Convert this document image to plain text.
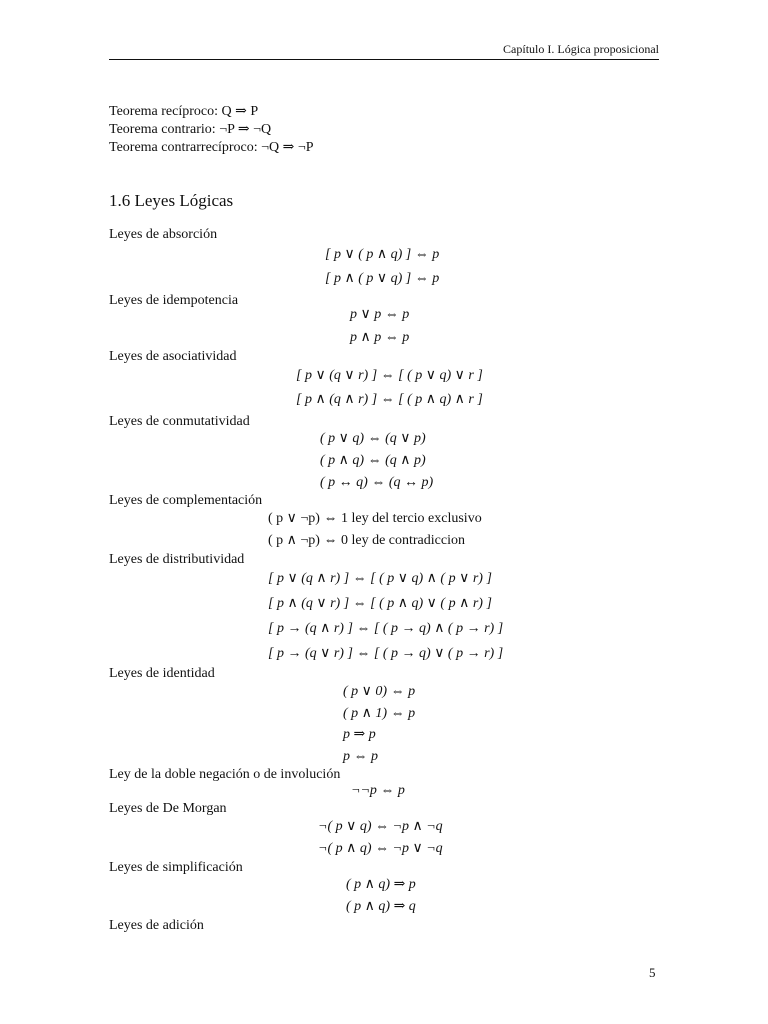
Capítulo I. Lógica proposicional
Teorema recíproco: Q ⇒ P
Teorema contrario: ¬P ⇒ ¬Q
Teorema contrarrecíproco: ¬Q ⇒ ¬P
1.6 Leyes Lógicas
Leyes de absorción
[ p ∨ ( p ∧ q) ] ⇔ p
[ p ∧ ( p ∨ q) ] ⇔ p
Leyes de idempotencia
p ∨ p ⇔ p
p ∧ p ⇔ p
Leyes de asociatividad
[ p ∨ (q ∨ r) ] ⇔ [ ( p ∨ q) ∨ r ]
[ p ∧ (q ∧ r) ] ⇔ [ ( p ∧ q) ∧ r ]
Leyes de conmutatividad
( p ∨ q) ⇔ (q ∨ p)
( p ∧ q) ⇔ (q ∧ p)
( p ↔ q) ⇔ (q ↔ p)
Leyes de complementación
( p ∨ ¬p) ⇔ 1 ley del tercio exclusivo
( p ∧ ¬p) ⇔ 0 ley de contradiccion
Leyes de distributividad
[ p ∨ (q ∧ r) ] ⇔ [ ( p ∨ q) ∧ ( p ∨ r) ]
[ p ∧ (q ∨ r) ] ⇔ [ ( p ∧ q) ∨ ( p ∧ r) ]
[ p → (q ∧ r) ] ⇔ [ ( p → q) ∧ ( p → r) ]
[ p → (q ∨ r) ] ⇔ [ ( p → q) ∨ ( p → r) ]
Leyes de identidad
( p ∨ 0) ⇔ p
( p ∧ 1) ⇔ p
p ⇒ p
p ⇔ p
Ley de la doble negación o de involución
¬¬p ⇔ p
Leyes de De Morgan
¬( p ∨ q) ⇔ ¬p ∧ ¬q
¬( p ∧ q) ⇔ ¬p ∨ ¬q
Leyes de simplificación
( p ∧ q) ⇒ p
( p ∧ q) ⇒ q
Leyes de adición
5
